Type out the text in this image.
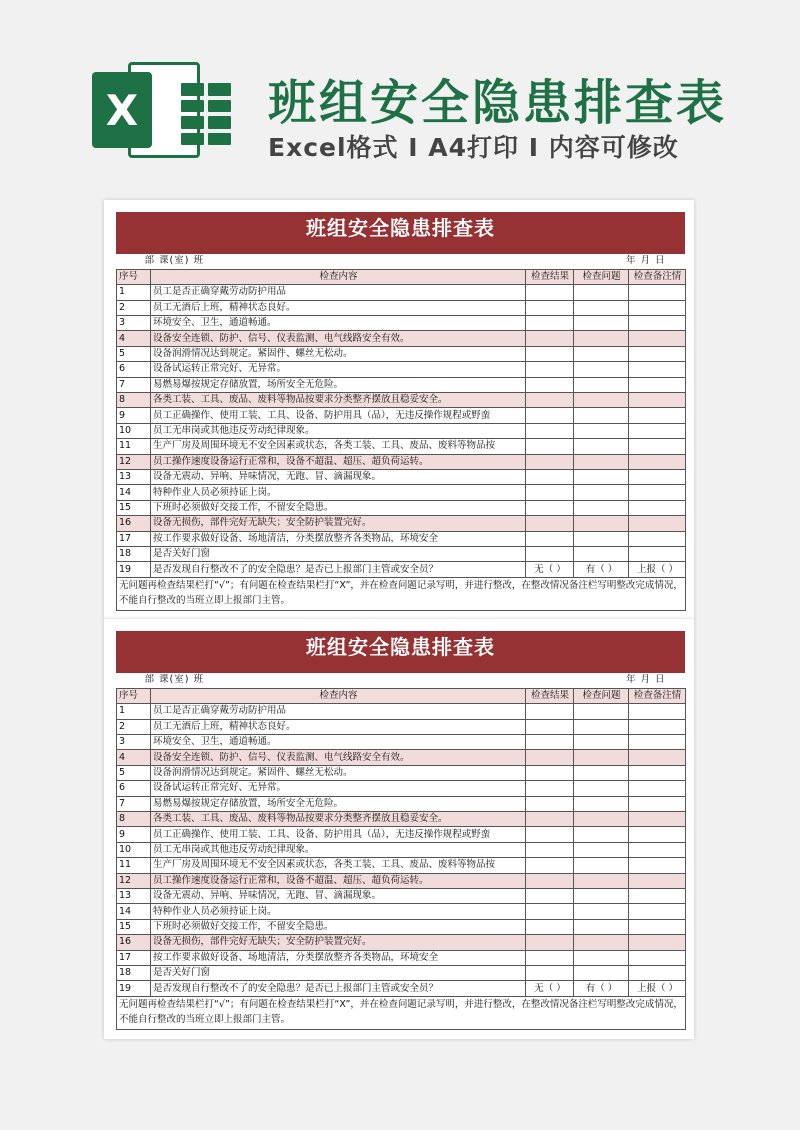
X	班组安全隐患排查表
Excel格式 I A4打印 I 内容可修改
班组安全隐患排查表
部 课(室) 班		年 月 日		
序号	检查内容	检查结果	检查问题	检查备注情
1	员工是否正确穿戴劳动防护用品			
2	员工无酒后上班，精神状态良好。			
3	环境安全、卫生，通道畅通。			
4	设备安全连锁、防护、信号、仪表监测、电气线路安全有效。			
5	设备润滑情况达到规定。紧固件、螺丝无松动。			
6	设备试运转正常完好、无异常。			
7	易燃易爆按规定存储放置，场所安全无危险。			
8	各类工装、工具、废品、废料等物品按要求分类整齐摆放且稳妥安全。			
9	员工正确操作、使用工装、工具、设备、防护用具（品），无违反操作规程或野蛮			
10	员工无串岗或其他违反劳动纪律现象。			
11	生产厂房及周围环境无不安全因素或状态，各类工装、工具、废品、废料等物品按			
12	员工操作速度设备运行正常和，设备不超温、超压、超负荷运转。			
13	设备无震动、异响、异味情况，无跑、冒、滴漏现象。			
14	特种作业人员必须持证上岗。			
15	下班时必须做好交接工作，不留安全隐患。			
16	设备无损伤，部件完好无缺失；安全防护装置完好。			
17	按工作要求做好设备、场地清洁，分类摆放整齐各类物品，环境安全			
18	是否关好门窗			
19	是否发现自行整改不了的安全隐患？是否已上报部门主管或安全员？	无（ ）	有（ ）	上报（ ）
无问题再检查结果栏打“√”；有问题在检查结果栏打“X”，并在检查问题记录写明，并进行整改，在整改情况备注栏写明整改完成情况，不能自行整改的当班立即上报部门主管。				
班组安全隐患排查表
部 课(室) 班		年 月 日		
序号	检查内容	检查结果	检查问题	检查备注情
1	员工是否正确穿戴劳动防护用品			
2	员工无酒后上班，精神状态良好。			
3	环境安全、卫生，通道畅通。			
4	设备安全连锁、防护、信号、仪表监测、电气线路安全有效。			
5	设备润滑情况达到规定。紧固件、螺丝无松动。			
6	设备试运转正常完好、无异常。			
7	易燃易爆按规定存储放置，场所安全无危险。			
8	各类工装、工具、废品、废料等物品按要求分类整齐摆放且稳妥安全。			
9	员工正确操作、使用工装、工具、设备、防护用具（品），无违反操作规程或野蛮			
10	员工无串岗或其他违反劳动纪律现象。			
11	生产厂房及周围环境无不安全因素或状态，各类工装、工具、废品、废料等物品按			
12	员工操作速度设备运行正常和，设备不超温、超压、超负荷运转。			
13	设备无震动、异响、异味情况，无跑、冒、滴漏现象。			
14	特种作业人员必须持证上岗。			
15	下班时必须做好交接工作，不留安全隐患。			
16	设备无损伤，部件完好无缺失；安全防护装置完好。			
17	按工作要求做好设备、场地清洁，分类摆放整齐各类物品，环境安全			
18	是否关好门窗			
19	是否发现自行整改不了的安全隐患？是否已上报部门主管或安全员？	无（ ）	有（ ）	上报（ ）
无问题再检查结果栏打“√”；有问题在检查结果栏打“X”，并在检查问题记录写明，并进行整改，在整改情况备注栏写明整改完成情况，不能自行整改的当班立即上报部门主管。				
